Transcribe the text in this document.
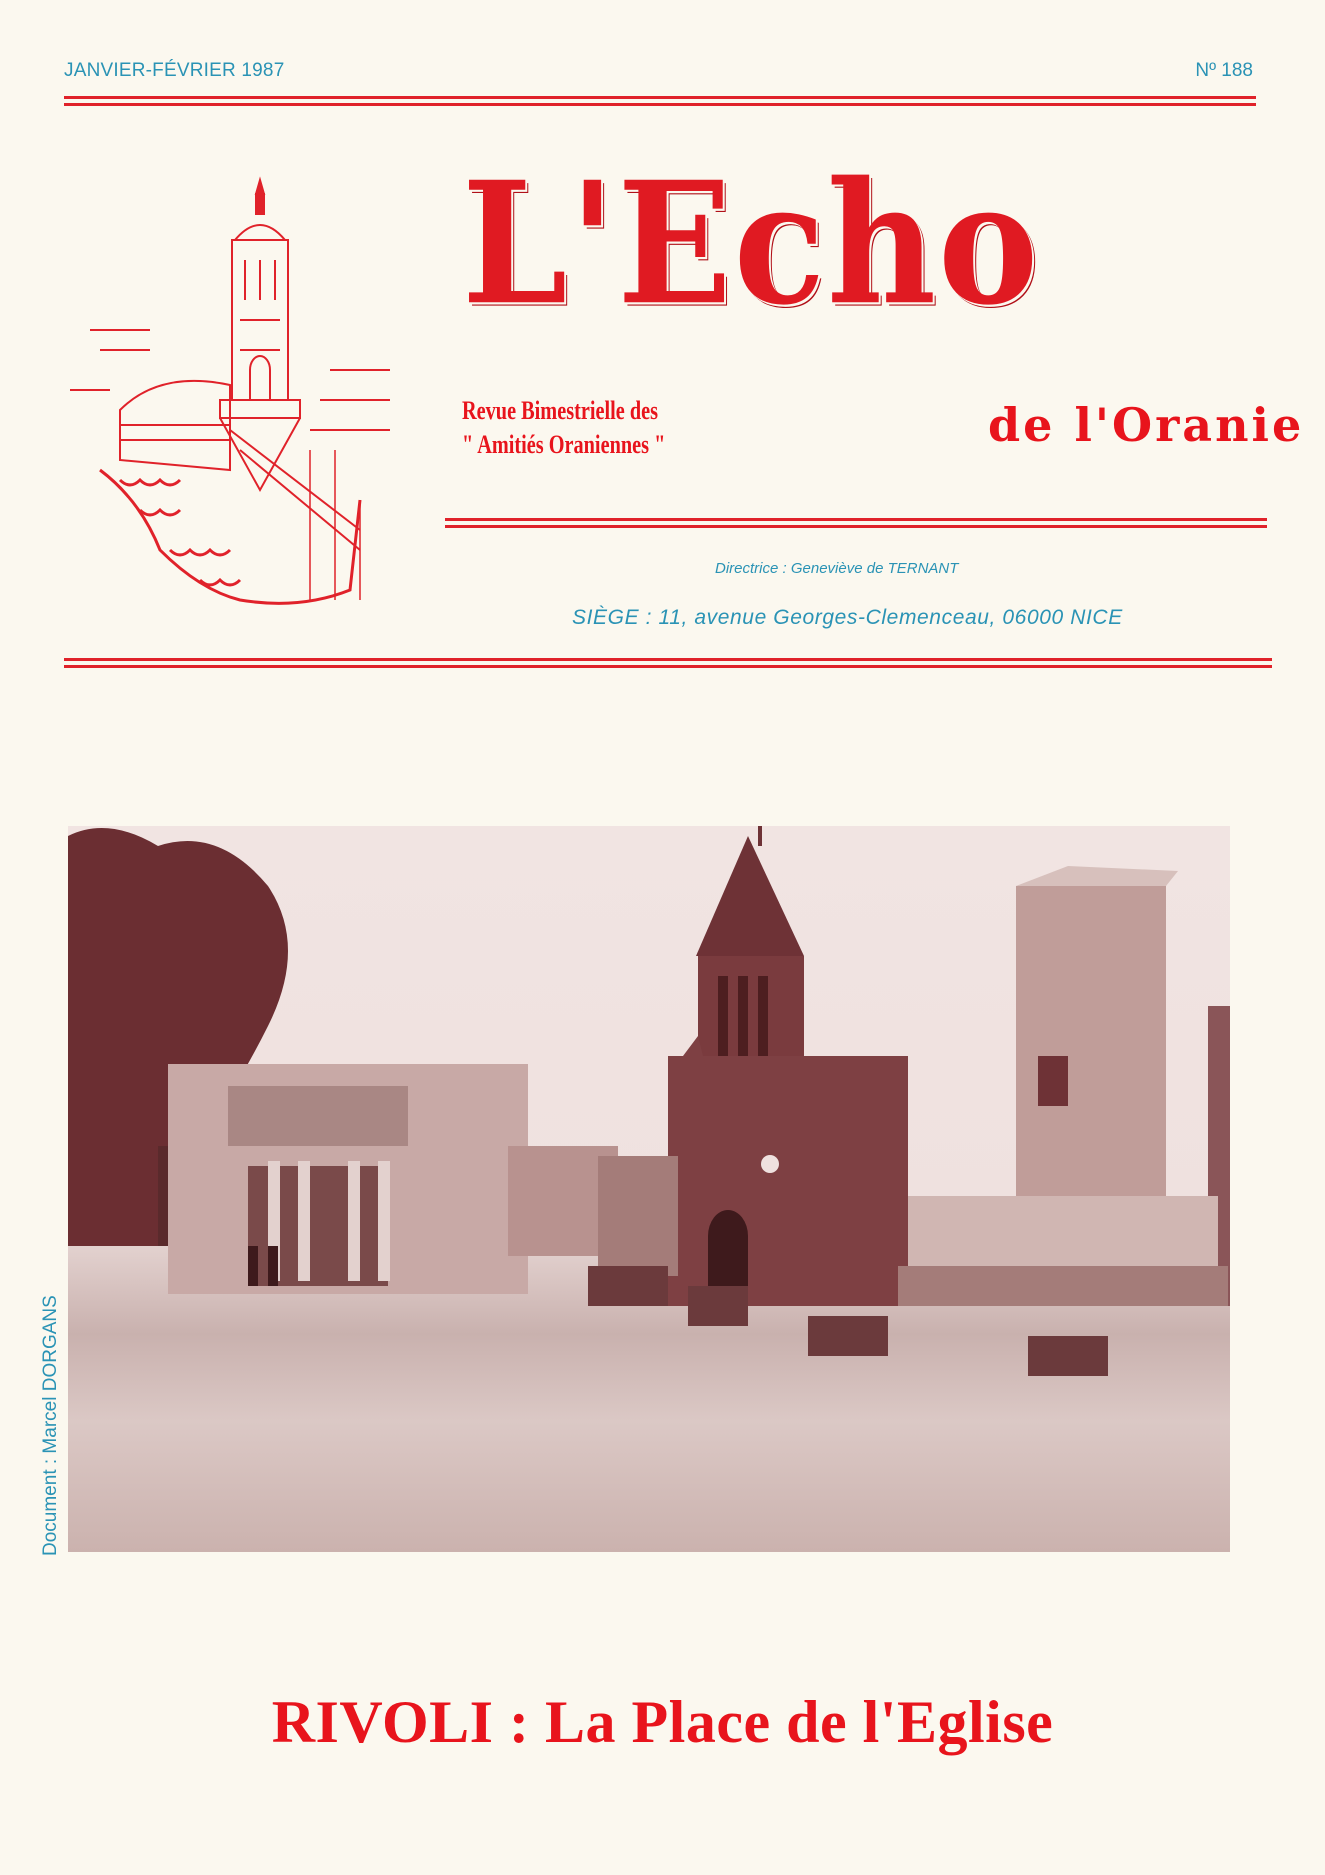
JANVIER-FÉVRIER 1987	Nº 188
L'Echo
Revue Bimestrielle des
" Amitiés Oraniennes "	de l'Oranie
Directrice : Geneviève de TERNANT
SIÈGE : 11, avenue Georges-Clemenceau, 06000 NICE
Document : Marcel DORGANS
RIVOLI : La Place de l'Eglise
